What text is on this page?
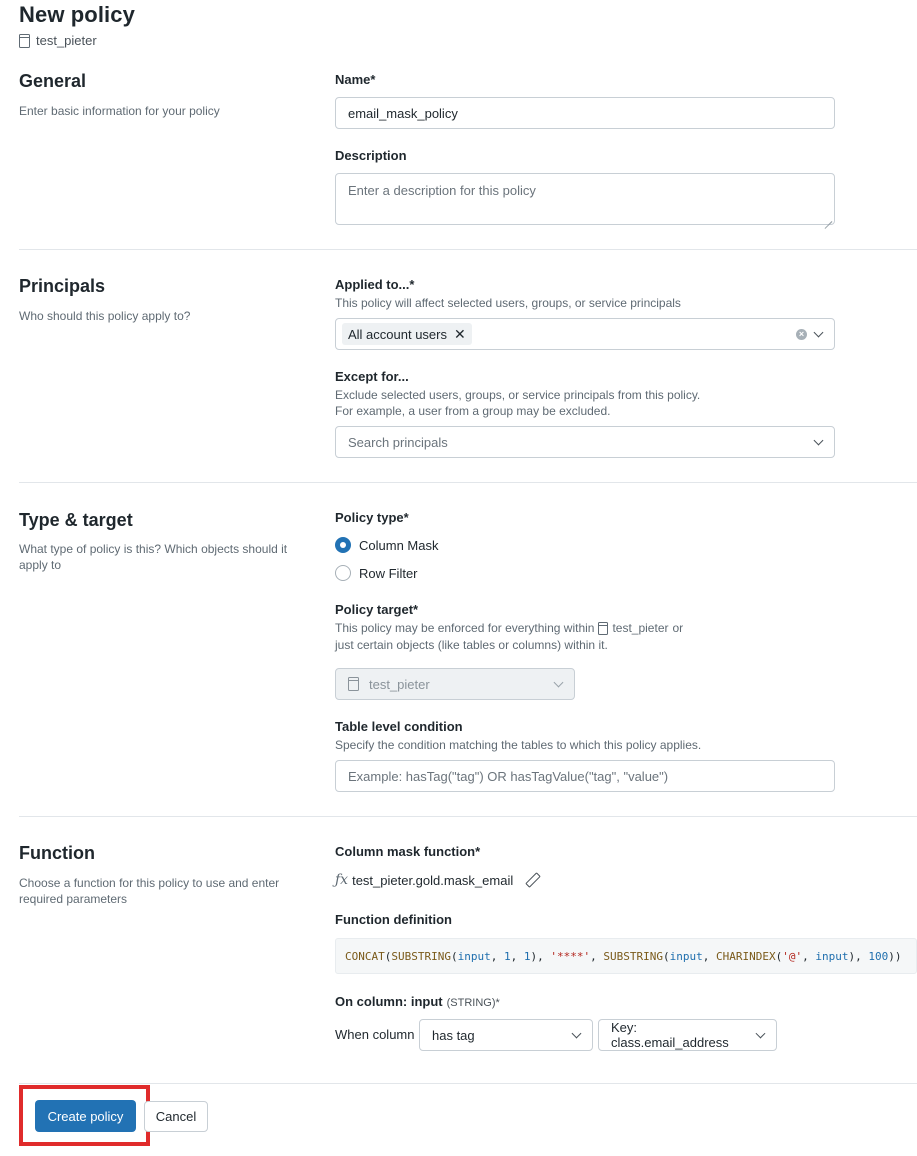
New policy
test_pieter
General
Enter basic information for your policy
Name*
email_mask_policy
Description
Enter a description for this policy
Principals
Who should this policy apply to?
Applied to...*
This policy will affect selected users, groups, or service principals
All account users ✕	×
Except for...
Exclude selected users, groups, or service principals from this policy.
For example, a user from a group may be excluded.
Search principals
Type & target
What type of policy is this? Which objects should it apply to
Policy type*
Column Mask
Row Filter
Policy target*
This policy may be enforced for everything within test_pieter or
just certain objects (like tables or columns) within it.
test_pieter
Table level condition
Specify the condition matching the tables to which this policy applies.
Example: hasTag("tag") OR hasTagValue("tag", "value")
Function
Choose a function for this policy to use and enter required parameters
Column mask function*
ƒx test_pieter.gold.mask_email
Function definition
CONCAT ( SUBSTRING ( input , 1 , 1 ), '****' , SUBSTRING ( input , CHARINDEX ( '@' , input ), 100 ))
On column: input (STRING)*
When column has tag	Key: class.email_address
Create policy	Cancel
